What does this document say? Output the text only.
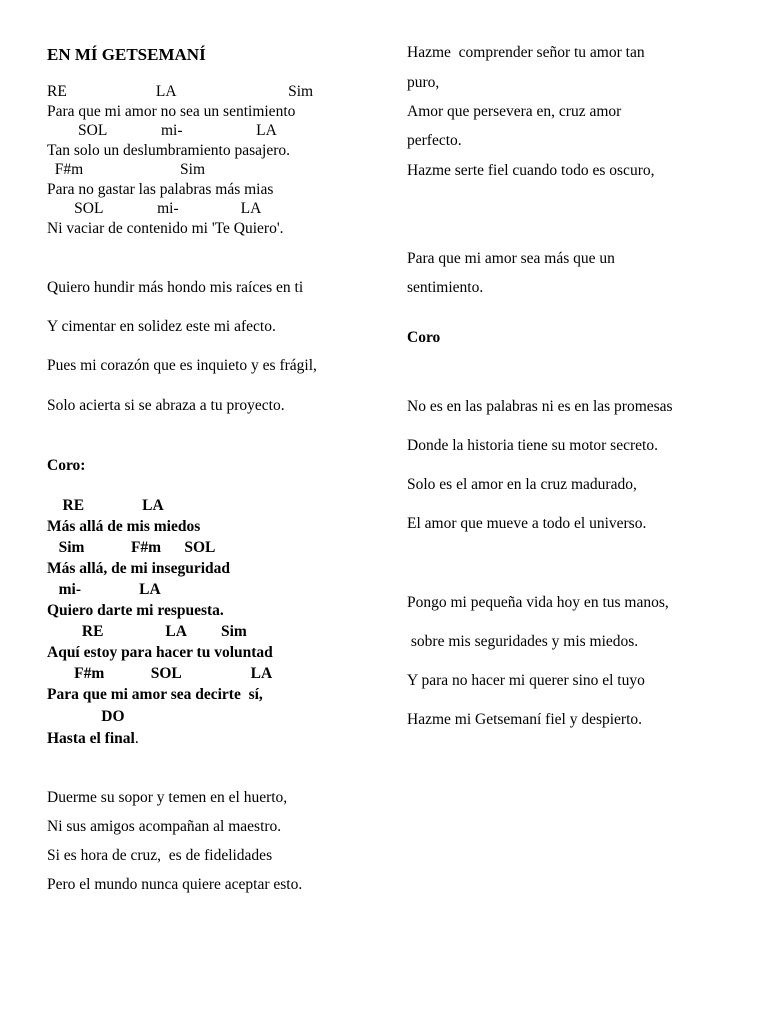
EN MÍ GETSEMANÍ
RE                       LA                             Sim
Para que mi amor no sea un sentimiento
SOL              mi-                   LA
Tan solo un deslumbramiento pasajero.
F#m                         Sim
Para no gastar las palabras más mias
SOL              mi-                LA
Ni vaciar de contenido mi 'Te Quiero'.
Quiero hundir más hondo mis raíces en ti
Y cimentar en solidez este mi afecto.
Pues mi corazón que es inquieto y es frágil,
Solo acierta si se abraza a tu proyecto.
Coro:
RE               LA
Más allá de mis miedos
Sim            F#m      SOL
Más allá, de mi inseguridad
mi-               LA
Quiero darte mi respuesta.
RE                LA         Sim
Aquí estoy para hacer tu voluntad
F#m            SOL                  LA
Para que mi amor sea decirte  sí,
DO
Hasta el final.
Duerme su sopor y temen en el huerto,
Ni sus amigos acompañan al maestro.
Si es hora de cruz,  es de fidelidades
Pero el mundo nunca quiere aceptar esto.
Hazme  comprender señor tu amor tan
puro,
Amor que persevera en, cruz amor
perfecto.
Hazme serte fiel cuando todo es oscuro,
Para que mi amor sea más que un
sentimiento.
Coro
No es en las palabras ni es en las promesas
Donde la historia tiene su motor secreto.
Solo es el amor en la cruz madurado,
El amor que mueve a todo el universo.
Pongo mi pequeña vida hoy en tus manos,
sobre mis seguridades y mis miedos.
Y para no hacer mi querer sino el tuyo
Hazme mi Getsemaní fiel y despierto.
